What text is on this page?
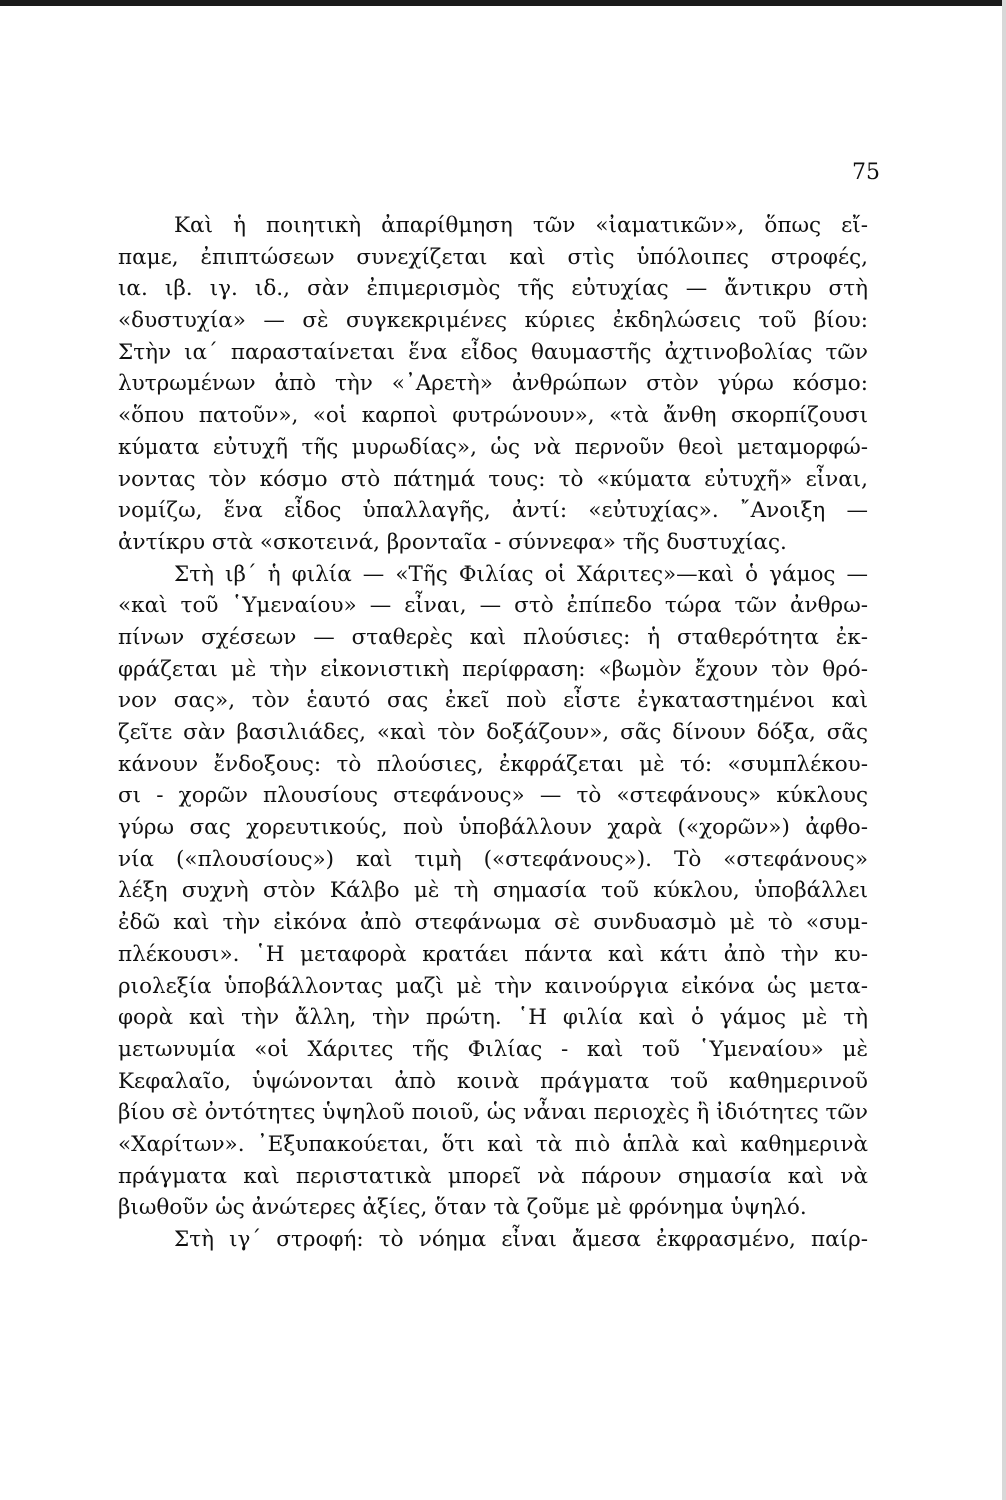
75
Καὶ ἡ ποιητικὴ ἀπαρίθμηση τῶν «ἰαματικῶν», ὅπως εἴ-
παμε, ἐπιπτώσεων συνεχίζεται καὶ στὶς ὑπόλοιπες στροφές,
ια. ιβ. ιγ. ιδ., σὰν ἐπιμερισμὸς τῆς εὐτυχίας — ἄντικρυ στὴ
«δυστυχία» — σὲ συγκεκριμένες κύριες ἐκδηλώσεις τοῦ βίου:
Στὴν ια΄ παρασταίνεται ἕνα εἶδος θαυμαστῆς ἀχτινοβολίας τῶν
λυτρωμένων ἀπὸ τὴν «᾿Αρετὴ» ἀνθρώπων στὸν γύρω κόσμο:
«ὅπου πατοῦν», «οἱ καρποὶ φυτρώνουν», «τὰ ἄνθη σκορπίζουσι
κύματα εὐτυχῆ τῆς μυρωδίας», ὡς νὰ περνοῦν θεοὶ μεταμορφώ-
νοντας τὸν κόσμο στὸ πάτημά τους: τὸ «κύματα εὐτυχῆ» εἶναι,
νομίζω, ἕνα εἶδος ὑπαλλαγῆς, ἀντί: «εὐτυχίας». ῎Ανοιξη —
ἀντίκρυ στὰ «σκοτεινά, βρονταῖα - σύννεφα» τῆς δυστυχίας.
Στὴ ιβ΄ ἡ φιλία — «Τῆς Φιλίας οἱ Χάριτες»—καὶ ὁ γάμος —
«καὶ τοῦ ῾Υμεναίου» — εἶναι, — στὸ ἐπίπεδο τώρα τῶν ἀνθρω-
πίνων σχέσεων — σταθερὲς καὶ πλούσιες: ἡ σταθερότητα ἐκ-
φράζεται μὲ τὴν εἰκονιστικὴ περίφραση: «βωμὸν ἔχουν τὸν θρό-
νον σας», τὸν ἑαυτό σας ἐκεῖ ποὺ εἶστε ἐγκαταστημένοι καὶ
ζεῖτε σὰν βασιλιάδες, «καὶ τὸν δοξάζουν», σᾶς δίνουν δόξα, σᾶς
κάνουν ἔνδοξους: τὸ πλούσιες, ἐκφράζεται μὲ τό: «συμπλέκου-
σι - χορῶν πλουσίους στεφάνους» — τὸ «στεφάνους» κύκλους
γύρω σας χορευτικούς, ποὺ ὑποβάλλουν χαρὰ («χορῶν») ἀφθο-
νία («πλουσίους») καὶ τιμὴ («στεφάνους»). Τὸ «στεφάνους»
λέξη συχνὴ στὸν Κάλβο μὲ τὴ σημασία τοῦ κύκλου, ὑποβάλλει
ἐδῶ καὶ τὴν εἰκόνα ἀπὸ στεφάνωμα σὲ συνδυασμὸ μὲ τὸ «συμ-
πλέκουσι». ῾Η μεταφορὰ κρατάει πάντα καὶ κάτι ἀπὸ τὴν κυ-
ριολεξία ὑποβάλλοντας μαζὶ μὲ τὴν καινούργια εἰκόνα ὡς μετα-
φορὰ καὶ τὴν ἄλλη, τὴν πρώτη. ῾Η φιλία καὶ ὁ γάμος μὲ τὴ
μετωνυμία «οἱ Χάριτες τῆς Φιλίας - καὶ τοῦ ῾Υμεναίου» μὲ
Κεφαλαῖο, ὑψώνονται ἀπὸ κοινὰ πράγματα τοῦ καθημερινοῦ
βίου σὲ ὀντότητες ὑψηλοῦ ποιοῦ, ὡς νἆναι περιοχὲς ἢ ἰδιότητες τῶν
«Χαρίτων». ᾿Εξυπακούεται, ὅτι καὶ τὰ πιὸ ἁπλὰ καὶ καθημερινὰ
πράγματα καὶ περιστατικὰ μπορεῖ νὰ πάρουν σημασία καὶ νὰ
βιωθοῦν ὡς ἀνώτερες ἀξίες, ὅταν τὰ ζοῦμε μὲ φρόνημα ὑψηλό.
Στὴ ιγ΄ στροφή: τὸ νόημα εἶναι ἄμεσα ἐκφρασμένο, παίρ-
